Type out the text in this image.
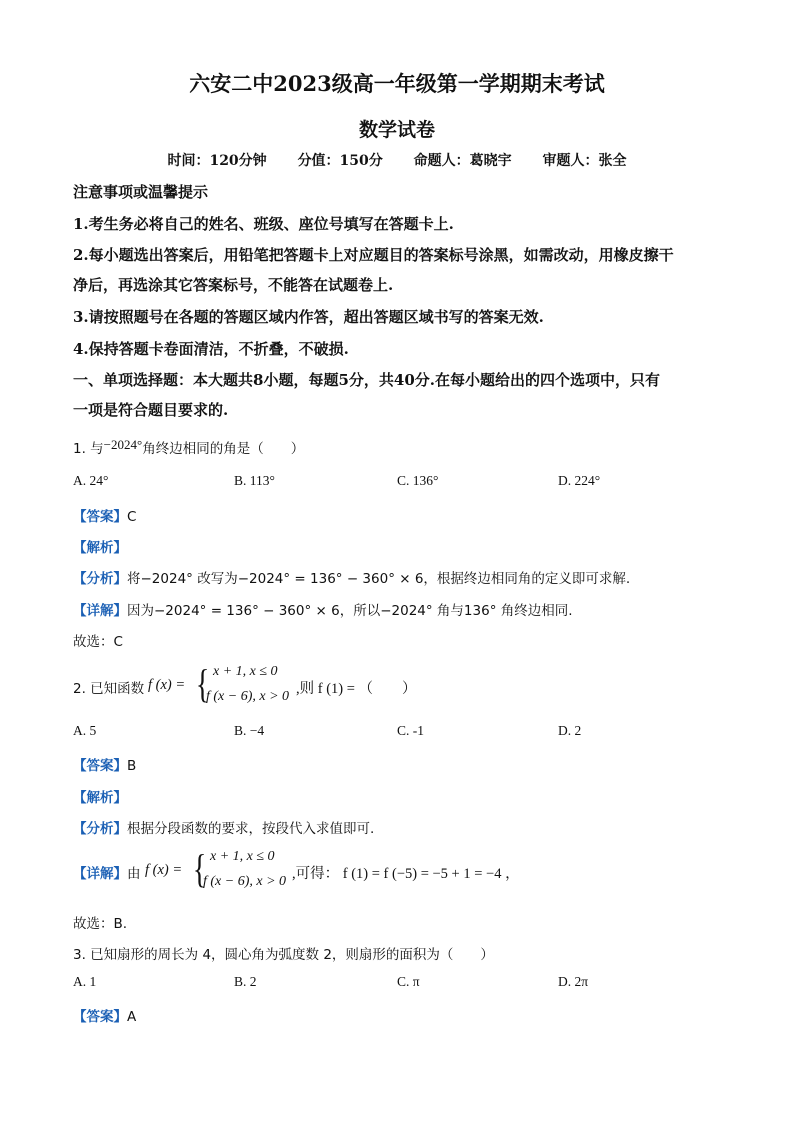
六安二中2023级高一年级第一学期期末考试
数学试卷
时间：120分钟 分值：150分 命题人：葛晓宇 审题人：张全
注意事项或温馨提示
1.考生务必将自己的姓名、班级、座位号填写在答题卡上.
2.每小题选出答案后，用铅笔把答题卡上对应题目的答案标号涂黑，如需改动，用橡皮擦干
净后，再选涂其它答案标号，不能答在试题卷上.
3.请按照题号在各题的答题区域内作答，超出答题区域书写的答案无效.
4.保持答题卡卷面清洁，不折叠，不破损.
一、单项选择题：本大题共8小题，每题5分，共40分.在每小题给出的四个选项中，只有
一项是符合题目要求的.
1. 与−2024°角终边相同的角是（　　）
A. 24°	B. 113°	C. 136°	D. 224°
【答案】C
【解析】
【分析】将−2024° 改写为−2024° = 136° − 360° × 6，根据终边相同角的定义即可求解.
【详解】因为−2024° = 136° − 360° × 6，所以−2024° 角与136° 角终边相同.
故选：C
2. 已知函数 f (x) = { x + 1, x ≤ 0
f (x − 6), x > 0 ,则 f (1) = （　　）
A. 5	B. −4	C. -1	D. 2
【答案】B
【解析】
【分析】根据分段函数的要求，按段代入求值即可.
【详解】由 f (x) = { x + 1, x ≤ 0
f (x − 6), x > 0 ,可得： f (1) = f (−5) = −5 + 1 = −4 ，
故选：B.
3. 已知扇形的周长为 4，圆心角为弧度数 2，则扇形的面积为（　　）
A. 1	B. 2	C. π	D. 2π
【答案】A
